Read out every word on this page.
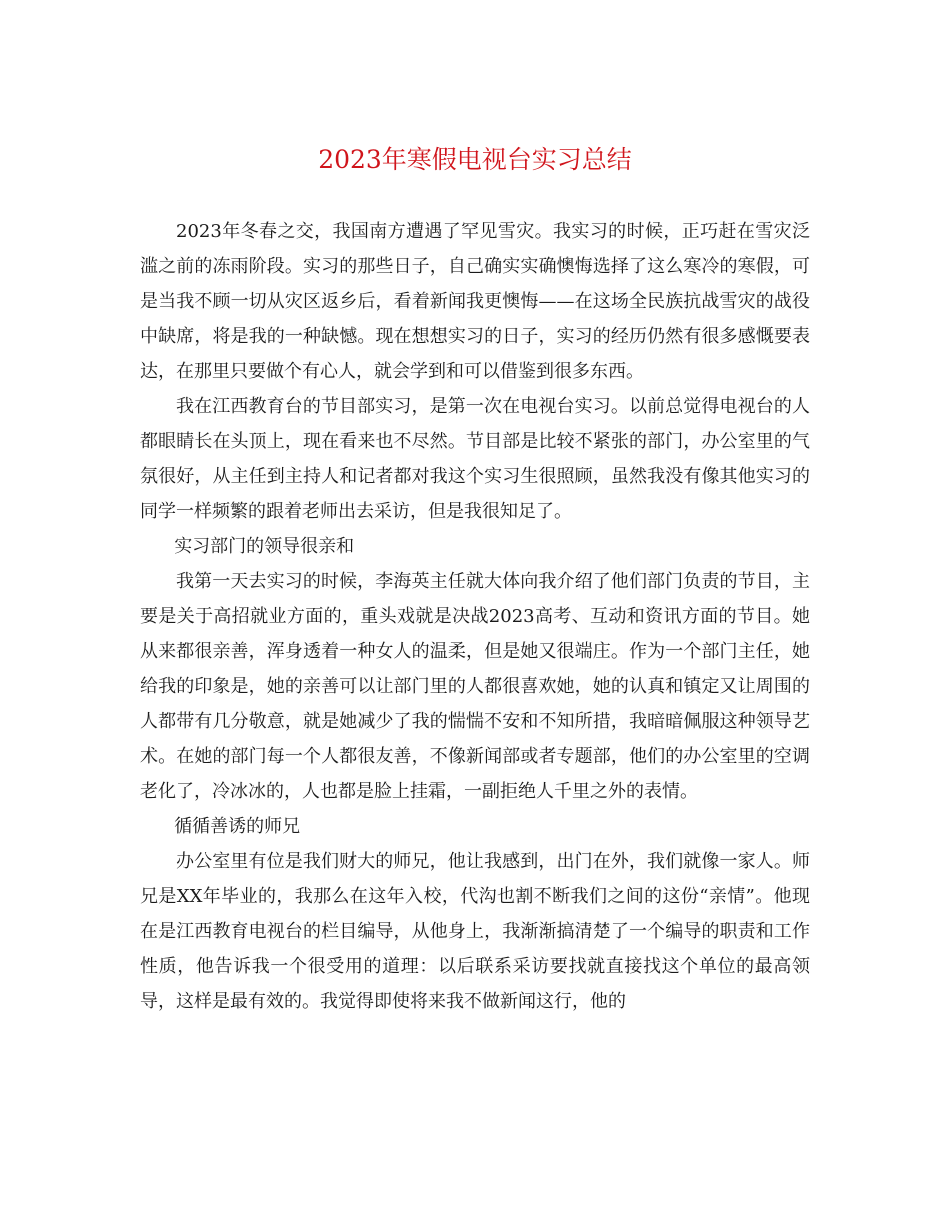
2023年寒假电视台实习总结

2023年冬春之交，我国南方遭遇了罕见雪灾。我实习的时候，正巧赶在雪灾泛滥之前的冻雨阶段。实习的那些日子，自己确实实确懊悔选择了这么寒冷的寒假，可是当我不顾一切从灾区返乡后，看着新闻我更懊悔——在这场全民族抗战雪灾的战役中缺席，将是我的一种缺憾。现在想想实习的日子，实习的经历仍然有很多感慨要表达，在那里只要做个有心人，就会学到和可以借鉴到很多东西。

我在江西教育台的节目部实习，是第一次在电视台实习。以前总觉得电视台的人都眼睛长在头顶上，现在看来也不尽然。节目部是比较不紧张的部门，办公室里的气氛很好，从主任到主持人和记者都对我这个实习生很照顾，虽然我没有像其他实习的同学一样频繁的跟着老师出去采访，但是我很知足了。

实习部门的领导很亲和

我第一天去实习的时候，李海英主任就大体向我介绍了他们部门负责的节目，主要是关于高招就业方面的，重头戏就是决战2023高考、互动和资讯方面的节目。她从来都很亲善，浑身透着一种女人的温柔，但是她又很端庄。作为一个部门主任，她给我的印象是，她的亲善可以让部门里的人都很喜欢她，她的认真和镇定又让周围的人都带有几分敬意，就是她减少了我的惴惴不安和不知所措，我暗暗佩服这种领导艺术。在她的部门每一个人都很友善，不像新闻部或者专题部，他们的办公室里的空调老化了，冷冰冰的，人也都是脸上挂霜，一副拒绝人千里之外的表情。

循循善诱的师兄

办公室里有位是我们财大的师兄，他让我感到，出门在外，我们就像一家人。师兄是XX年毕业的，我那么在这年入校，代沟也割不断我们之间的这份“亲情”。他现在是江西教育电视台的栏目编导，从他身上，我渐渐搞清楚了一个编导的职责和工作性质，他告诉我一个很受用的道理：以后联系采访要找就直接找这个单位的最高领导，这样是最有效的。我觉得即使将来我不做新闻这行，他的
